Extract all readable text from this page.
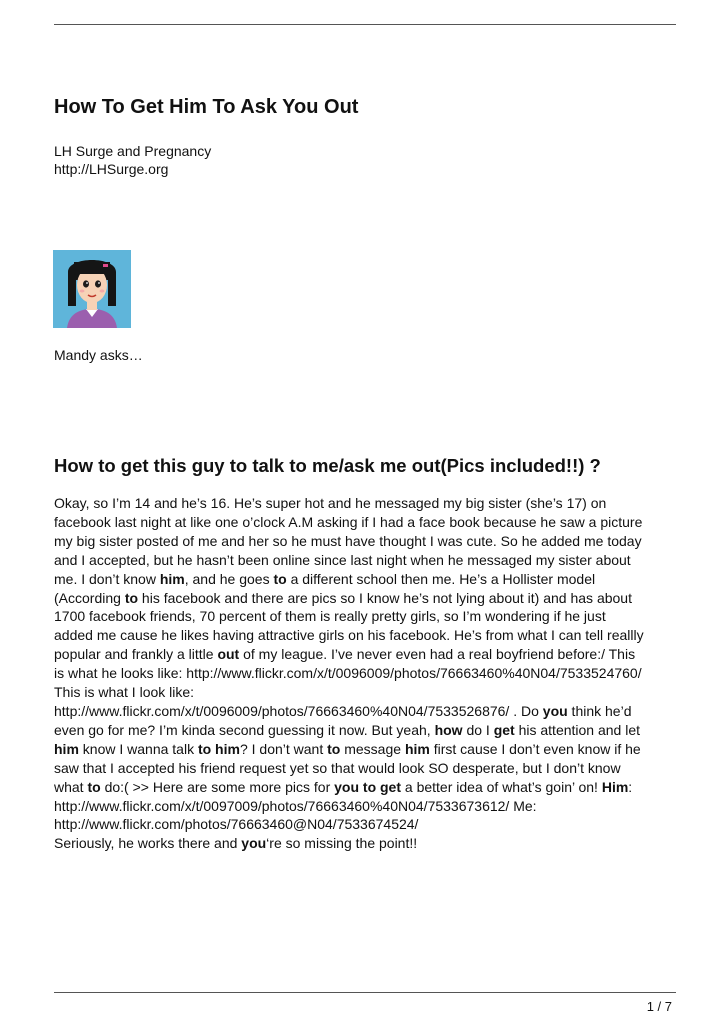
How To Get Him To Ask You Out
LH Surge and Pregnancy
http://LHSurge.org
Mandy asks…
How to get this guy to talk to me/ask me out(Pics included!!) ?
Okay, so I’m 14 and he’s 16. He’s super hot and he messaged my big sister (she’s 17) on
facebook last night at like one o’clock A.M asking if I had a face book because he saw a picture
my big sister posted of me and her so he must have thought I was cute. So he added me today
and I accepted, but he hasn’t been online since last night when he messaged my sister about
me. I don’t know him, and he goes to a different school then me. He’s a Hollister model
(According to his facebook and there are pics so I know he’s not lying about it) and has about
1700 facebook friends, 70 percent of them is really pretty girls, so I’m wondering if he just
added me cause he likes having attractive girls on his facebook. He’s from what I can tell reallly
popular and frankly a little out of my league. I’ve never even had a real boyfriend before:/ This
is what he looks like: http://www.flickr.com/x/t/0096009/photos/76663460%40N04/7533524760/
This is what I look like:
http://www.flickr.com/x/t/0096009/photos/76663460%40N04/7533526876/ . Do you think he’d
even go for me? I’m kinda second guessing it now. But yeah, how do I get his attention and let
him know I wanna talk to him? I don’t want to message him first cause I don’t even know if he
saw that I accepted his friend request yet so that would look SO desperate, but I don’t know
what to do:( >> Here are some more pics for you to get a better idea of what’s goin’ on! Him:
http://www.flickr.com/x/t/0097009/photos/76663460%40N04/7533673612/ Me:
http://www.flickr.com/photos/76663460@N04/7533674524/
Seriously, he works there and you‘re so missing the point!!
1 / 7
